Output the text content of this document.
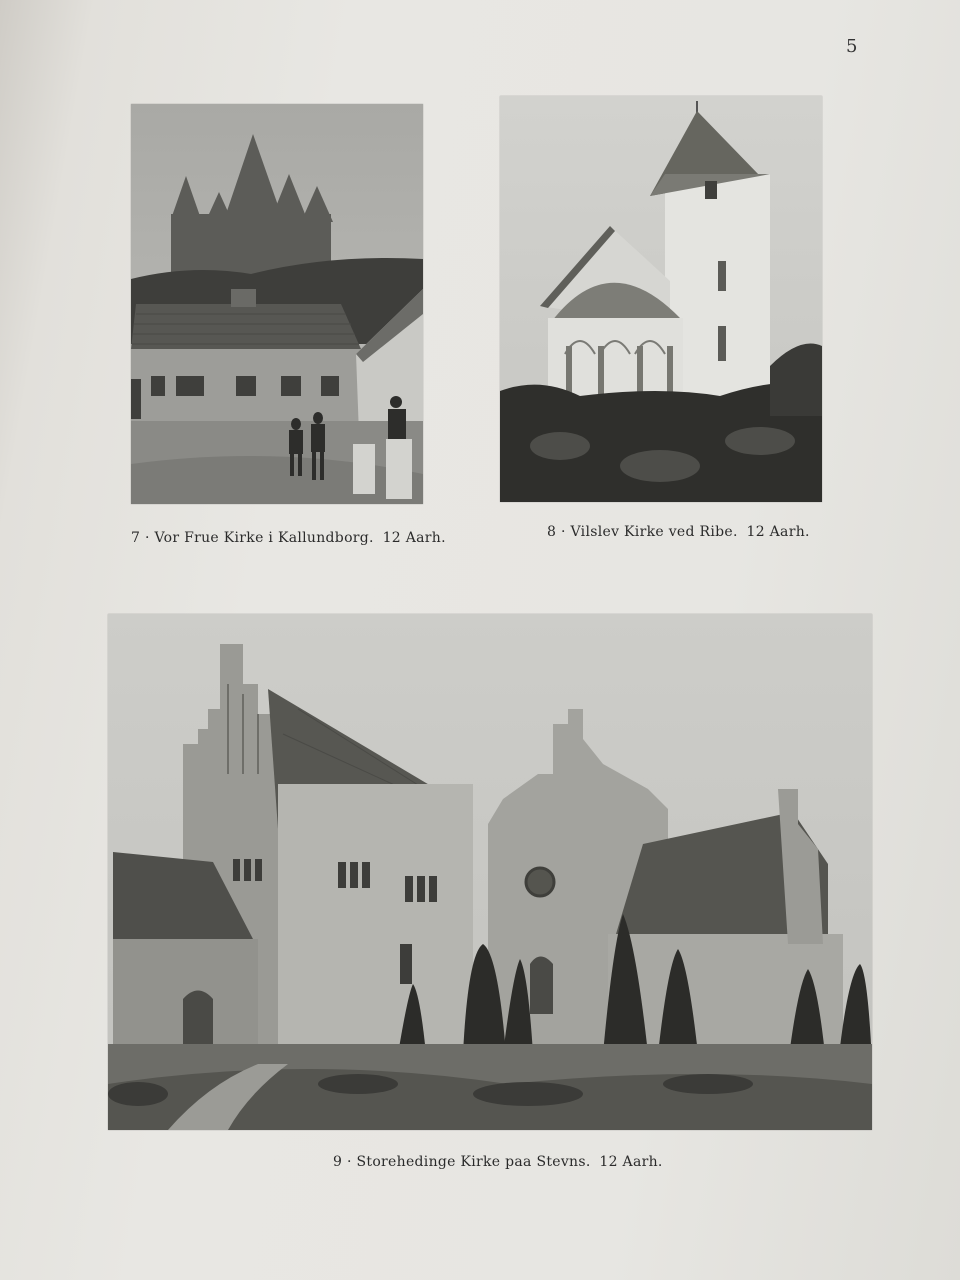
5
7 · Vor Frue Kirke i Kallundborg. 12 Aarh.	8 · Vilslev Kirke ved Ribe. 12 Aarh.
9 · Storehedinge Kirke paa Stevns. 12 Aarh.
